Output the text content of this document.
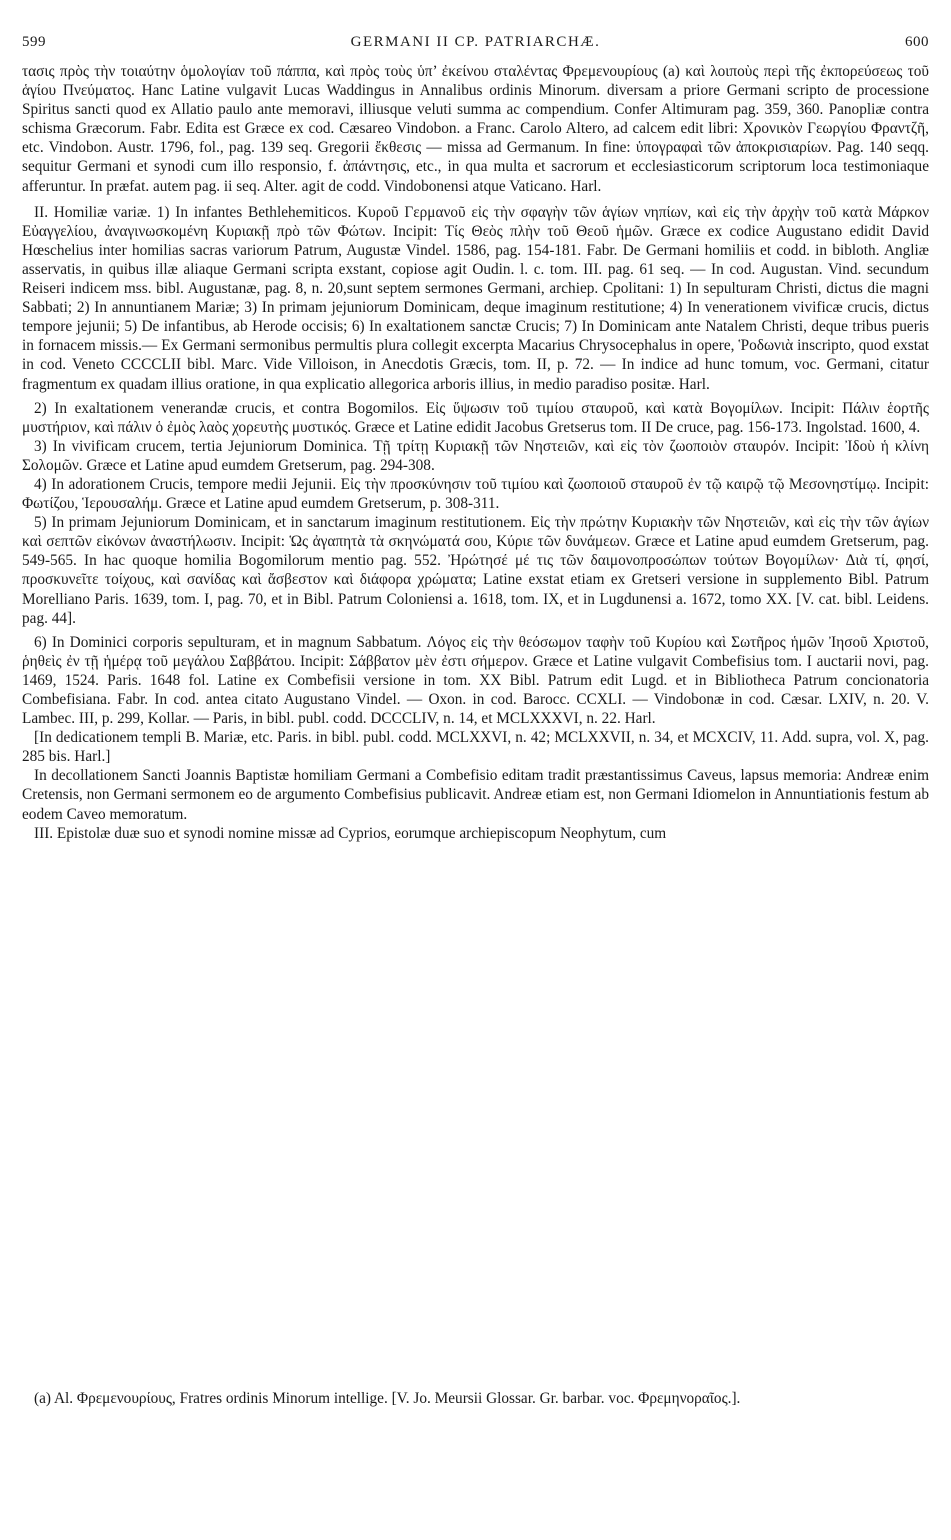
599	GERMANI II CP. PATRIARCHÆ.	600

τασις πρὸς τὴν τοιαύτην ὁμολογίαν τοῦ πάππα, καὶ πρὸς τοὺς ὑπ’ ἐκείνου σταλέντας Φρεμενουρίους (a) καὶ λοιποὺς περὶ τῆς ἐκπορεύσεως τοῦ ἁγίου Πνεύματος. Hanc Latine vulgavit Lucas Waddingus in Annalibus ordinis Minorum. diversam a priore Germani scripto de processione Spiritus sancti quod ex Allatio paulo ante memoravi, illiusque veluti summa ac compendium. Confer Altimuram pag. 359, 360. Panopliæ contra schisma Græcorum. Fabr. Edita est Græce ex cod. Cæsareo Vindobon. a Franc. Carolo Altero, ad calcem edit libri: Χρονικὸν Γεωργίου Φραντζῆ, etc. Vindobon. Austr. 1796, fol., pag. 139 seq. Gregorii ἔκθεσις — missa ad Germanum. In fine: ὑπογραφαὶ τῶν ἀποκρισιαρίων. Pag. 140 seqq. sequitur Germani et synodi cum illo responsio, f. ἀπάντησις, etc., in qua multa et sacrorum et ecclesiasticorum scriptorum loca testimoniaque afferuntur. In præfat. autem pag. ii seq. Alter. agit de codd. Vindobonensi atque Vaticano. Harl.

II. Homiliæ variæ. 1) In infantes Bethlehemiticos. Κυροῦ Γερμανοῦ εἰς τὴν σφαγὴν τῶν ἁγίων νηπίων, καὶ εἰς τὴν ἀρχὴν τοῦ κατὰ Μάρκον Εὐαγγελίου, ἀναγινωσκομένη Κυριακῇ πρὸ τῶν Φώτων. Incipit: Τίς Θεὸς πλὴν τοῦ Θεοῦ ἡμῶν. Græce ex codice Augustano edidit David Hœschelius inter homilias sacras variorum Patrum, Augustæ Vindel. 1586, pag. 154-181. Fabr. De Germani homiliis et codd. in bibloth. Angliæ asservatis, in quibus illæ aliaque Germani scripta exstant, copiose agit Oudin. l. c. tom. III. pag. 61 seq. — In cod. Augustan. Vind. secundum Reiseri indicem mss. bibl. Augustanæ, pag. 8, n. 20,sunt septem sermones Germani, archiep. Cpolitani: 1) In sepulturam Christi, dictus die magni Sabbati; 2) In annuntianem Mariæ; 3) In primam jejuniorum Dominicam, deque imaginum restitutione; 4) In venerationem vivificæ crucis, dictus tempore jejunii; 5) De infantibus, ab Herode occisis; 6) In exaltationem sanctæ Crucis; 7) In Dominicam ante Natalem Christi, deque tribus pueris in fornacem missis.— Ex Germani sermonibus permultis plura collegit excerpta Macarius Chrysocephalus in opere, Ῥοδωνιὰ inscripto, quod exstat in cod. Veneto CCCCLII bibl. Marc. Vide Villoison, in Anecdotis Græcis, tom. II, p. 72. — In indice ad hunc tomum, voc. Germani, citatur fragmentum ex quadam illius oratione, in qua explicatio allegorica arboris illius, in medio paradiso positæ. Harl.

2) In exaltationem venerandæ crucis, et contra Bogomilos. Εἰς ὕψωσιν τοῦ τιμίου σταυροῦ, καὶ κατὰ Βογομίλων. Incipit: Πάλιν ἑορτῆς μυστήριον, καὶ πάλιν ὁ ἐμὸς λαὸς χορευτὴς μυστικός. Græce et Latine edidit Jacobus Gretserus tom. II De cruce, pag. 156-173. Ingolstad. 1600, 4.

3) In vivificam crucem, tertia Jejuniorum Dominica. Τῇ τρίτῃ Κυριακῇ τῶν Νηστειῶν, καὶ εἰς τὸν ζωοποιὸν σταυρόν. Incipit: Ἰδοὺ ἡ κλίνη Σολομῶν. Græce et Latine apud eumdem Gretserum, pag. 294-308.

4) In adorationem Crucis, tempore medii Jejunii. Εἰς τὴν προσκύνησιν τοῦ τιμίου καὶ ζωοποιοῦ σταυροῦ ἐν τῷ καιρῷ τῷ Μεσονηστίμῳ. Incipit: Φωτίζου, Ἱερουσαλήμ. Græce et Latine apud eumdem Gretserum, p. 308-311.

5) In primam Jejuniorum Dominicam, et in sanctarum imaginum restitutionem. Εἰς τὴν πρώτην Κυριακὴν τῶν Νηστειῶν, καὶ εἰς τὴν τῶν ἁγίων καὶ σεπτῶν εἰκόνων ἀναστήλωσιν. Incipit: Ὡς ἀγαπητὰ τὰ σκηνώματά σου, Κύριε τῶν δυνάμεων. Græce et Latine apud eumdem Gretserum, pag. 549-565. In hac quoque homilia Bogomilorum mentio pag. 552. Ἠρώτησέ μέ τις τῶν δαιμονοπροσώπων τούτων Βογομίλων· Διὰ τί, φησί, προσκυνεῖτε τοίχους, καὶ σανίδας καὶ ἄσβεστον καὶ διάφορα χρώματα; Latine exstat etiam ex Gretseri versione in supplemento Bibl. Patrum Morelliano Paris. 1639, tom. I, pag. 70, et in Bibl. Patrum Coloniensi a. 1618, tom. IX, et in Lugdunensi a. 1672, tomo XX. [V. cat. bibl. Leidens. pag. 44].

6) In Dominici corporis sepulturam, et in magnum Sabbatum. Λόγος εἰς τὴν θεόσωμον ταφὴν τοῦ Κυρίου καὶ Σωτῆρος ἡμῶν Ἰησοῦ Χριστοῦ, ῥηθεὶς ἐν τῇ ἡμέρᾳ τοῦ μεγάλου Σαββάτου. Incipit: Σάββατον μὲν ἐστι σήμερον. Græce et Latine vulgavit Combefisius tom. I auctarii novi, pag. 1469, 1524. Paris. 1648 fol. Latine ex Combefisii versione in tom. XX Bibl. Patrum edit Lugd. et in Bibliotheca Patrum concionatoria Combefisiana. Fabr. In cod. antea citato Augustano Vindel. — Oxon. in cod. Barocc. CCXLI. — Vindobonæ in cod. Cæsar. LXIV, n. 20. V. Lambec. III, p. 299, Kollar. — Paris, in bibl. publ. codd. DCCCLIV, n. 14, et MCLXXXVI, n. 22. Harl.

[In dedicationem templi B. Mariæ, etc. Paris. in bibl. publ. codd. MCLXXVI, n. 42; MCLXXVII, n. 34, et MCXCIV, 11. Add. supra, vol. X, pag. 285 bis. Harl.]

In decollationem Sancti Joannis Baptistæ homiliam Germani a Combefisio editam tradit præstantissimus Caveus, lapsus memoria: Andreæ enim Cretensis, non Germani sermonem eo de argumento Combefisius publicavit. Andreæ etiam est, non Germani Idiomelon in Annuntiationis festum ab eodem Caveo memoratum.

III. Epistolæ duæ suo et synodi nomine missæ ad Cyprios, eorumque archiepiscopum Neophytum, cum

(a) Al. Φρεμενουρίους, Fratres ordinis Minorum intellige. [V. Jo. Meursii Glossar. Gr. barbar. voc. Φρεμηνοραῖος.].
